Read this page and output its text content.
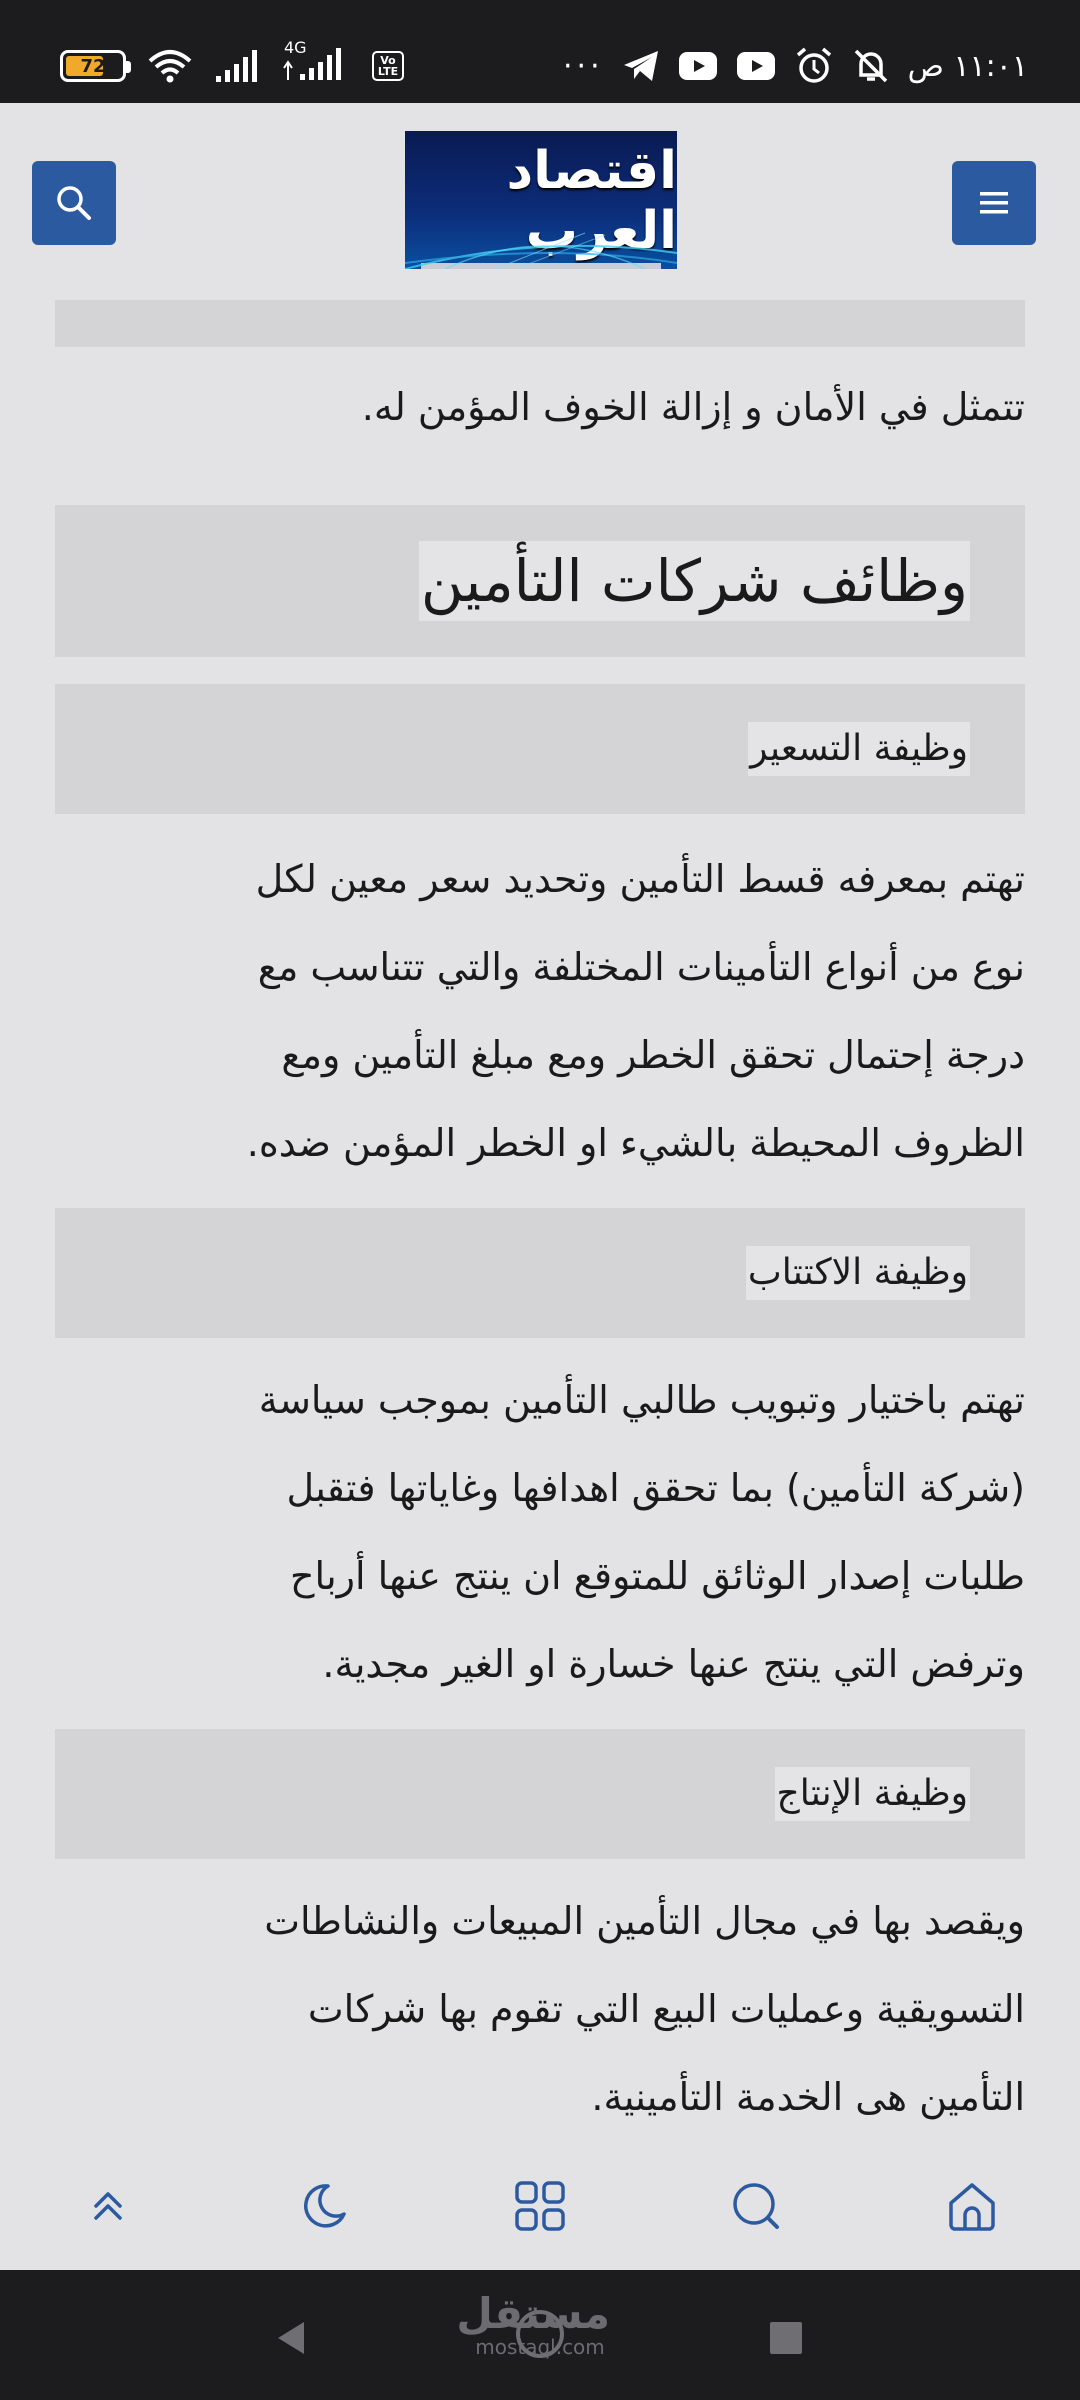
72
4G
Vo
LTE	···	١١:٠١ ص

تتمثل في الأمان و إزالة الخوف المؤمن له.

وظائف شركات التأمين
وظيفة التسعير

تهتم بمعرفه قسط التأمين وتحديد سعر معين لكل

نوع من أنواع التأمينات المختلفة والتي تتناسب مع

درجة إحتمال تحقق الخطر ومع مبلغ التأمين ومع

الظروف المحيطة بالشيء او الخطر المؤمن ضده.

وظيفة الاكتتاب

تهتم باختيار وتبويب طالبي التأمين بموجب سياسة

(شركة التأمين) بما تحقق اهدافها وغاياتها فتقبل

طلبات إصدار الوثائق للمتوقع ان ينتج عنها أرباح

وترفض التي ينتج عنها خسارة او الغير مجدية.

وظيفة الإنتاج

ويقصد بها في مجال التأمين المبيعات والنشاطات

التسويقية وعمليات البيع التي تقوم بها شركات

التأمين هى الخدمة التأمينية.

اقتصاد العرب
مستقل
mostaql.com
